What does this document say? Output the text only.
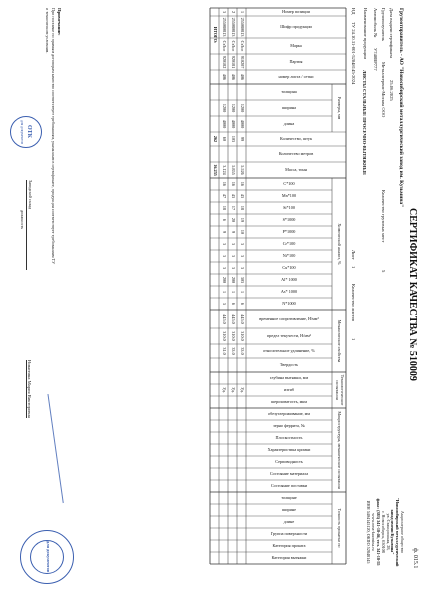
ф. 015.1
СЕРТИФИКАТ КАЧЕСТВА № 510009
Грузоотправитель - АО "Новосибирский металлургический завод им. Кузьмина"
Дата выдачи сертификата
25.06.2025
Грузополучатель
Металлсервис-Москва ООО
Автомобиль №
У748ВР777
Количество грузовых мест
5
Наименование продукции
ЛИСТЫ СТАЛЬНЫЕ ПРОСЕЧНО-ВЫТЯЖНЫЕ
НД
ТУ 24.10.31-001-52848145-2024
Лист
1
Количество листов
1
Акционерное общество
"Новосибирский металлургический
завод имени Кузьмина"
ул. Станционная, 28,
г. Новосибирск, 630108
факс: (383) 341-18-46, тел. 341-18-55
www.nmz-kuzmina.ru
ИНН 5404145120, ОКПО 52848145
Размеры, мм
Химический анализ, %
Механические свойства
Технологические испытания
Микроструктура, механические испытания
Точность прокатки по
Номер позиции
Шифр продукции
Марка
Партия
номер листа / сетки
толщина
ширина
длина
Количество, штук
Количество метров
Масса, тонн
C*100
Mn*100
Si*100
S*1000
P*1000
Cr*100
Ni*100
Cu*100
Al* 1000
As* 1000
N*1000
временное сопротивление, Н/мм²
предел текучести, Н/мм²
относительное удлинение, %
Твердость
глубина вытяжки, мм
изгиб
шероховатость, мкм
обезуглероживание, мм
зерно феррита, №
Плоскостность
Характеристика кромки
Серповидность
Состояние материала
Состояние поставки
толщине
ширине
длине
Группа поверхности
Категория проката
Категория вытяжки
1
255080813
СтЗсп
910207
406
1200
4000
99
5.526
16
43
18
19
10
3
3
3
303
1
6
445.0
310.0
33.0
Уд.
2
255080813
СтЗсп
920181
406
1200
4000
103
5.855
16
43
17
20
9
3
3
3
200
1
6
445.0
310.0
33.0
Уд.
3
255080813
СтЗсп
920182
406
1200
4000
60
3.124
16
47
18
6
9
3
3
3
200
1
5
445.0
310.0
31.0
Уд.
ИТОГО:
262
16.255
Примечание:
При поставке по прямым договорам качество соответствует требованиям, указанным в сертификате, продукция соответствует требованиям ТУ
и техническим условиям.
ОТК
для документов
Заводской склад
должность
Никитина Мария Викторовна
для документов
